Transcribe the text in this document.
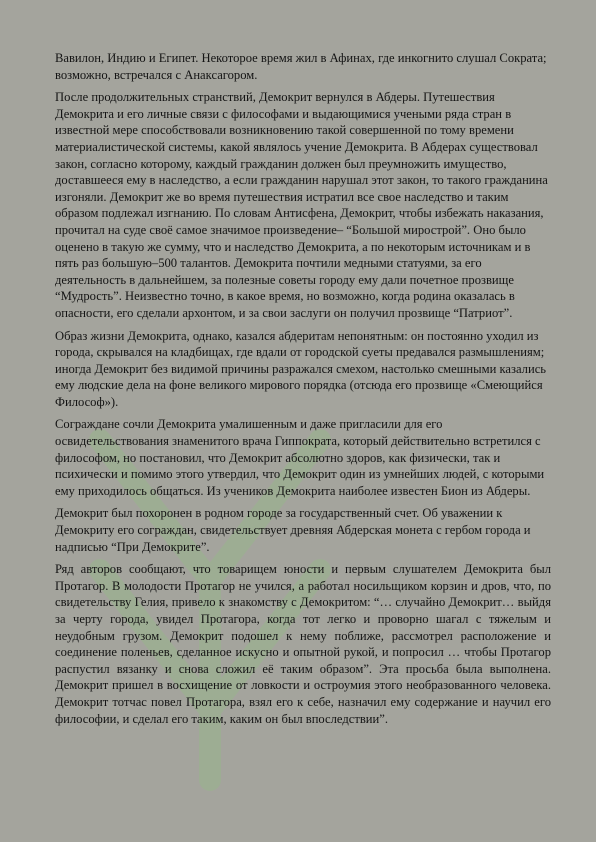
Вавилон, Индию и Египет. Некоторое время жил в Афинах, где инкогнито слушал Сократа; возможно, встречался с Анаксагором.

После продолжительных странствий, Демокрит вернулся в Абдеры. Путешествия Демокрита и его личные связи с философами и выдающимися учеными ряда стран в известной мере способствовали возникновению такой совершенной по тому времени материалистической системы, какой являлось учение Демокрита. В Абдерах существовал закон, согласно которому, каждый гражданин должен был преумножить имущество, доставшееся ему в наследство, а если гражданин нарушал этот закон, то такого гражданина изгоняли. Демокрит же во время путешествия истратил все свое наследство и таким образом подлежал изгнанию. По словам Антисфена, Демокрит, чтобы избежать наказания, прочитал на суде своё самое значимое произведение– “Большой мирострой”. Оно было оценено в такую же сумму, что и наследство Демокрита, а по некоторым источникам и в пять раз большую–500 талантов. Демокрита почтили медными статуями, за его деятельность в дальнейшем, за полезные советы городу ему дали почетное прозвище “Мудрость”. Неизвестно точно, в какое время, но возможно, когда родина оказалась в опасности, его сделали архонтом, и за свои заслуги он получил прозвище “Патриот”.

Образ жизни Демокрита, однако, казался абдеритам непонятным: он постоянно уходил из города, скрывался на кладбищах, где вдали от городской суеты предавался размышлениям; иногда Демокрит без видимой причины разражался смехом, настолько смешными казались ему людские дела на фоне великого мирового порядка (отсюда его прозвище «Смеющийся Философ»).

Сограждане сочли Демокрита умалишенным и даже пригласили для его освидетельствования знаменитого врача Гиппократа, который действительно встретился с философом, но постановил, что Демокрит абсолютно здоров, как физически, так и психически и помимо этого утвердил, что Демокрит один из умнейших людей, с которыми ему приходилось общаться. Из учеников Демокрита наиболее известен Бион из Абдеры.

Демокрит был похоронен в родном городе за государственный счет. Об уважении к Демокриту его сограждан, свидетельствует древняя Абдерская монета с гербом города и надписью “При Демокрите”.

Ряд авторов сообщают, что товарищем юности и первым слушателем Демокрита был Протагор. В молодости Протагор не учился, а работал носильщиком корзин и дров, что, по свидетельству Гелия, привело к знакомству с Демокритом: “… случайно Демокрит… выйдя за черту города, увидел Протагора, когда тот легко и проворно шагал с тяжелым и неудобным грузом. Демокрит подошел к нему поближе, рассмотрел расположение и соединение поленьев, сделанное искусно и опытной рукой, и попросил … чтобы Протагор распустил вязанку и снова сложил её таким образом”. Эта просьба была выполнена. Демокрит пришел в восхищение от ловкости и остроумия этого необразованного человека. Демокрит тотчас повел Протагора, взял его к себе, назначил ему содержание и научил его философии, и сделал его таким, каким он был впоследствии”.
